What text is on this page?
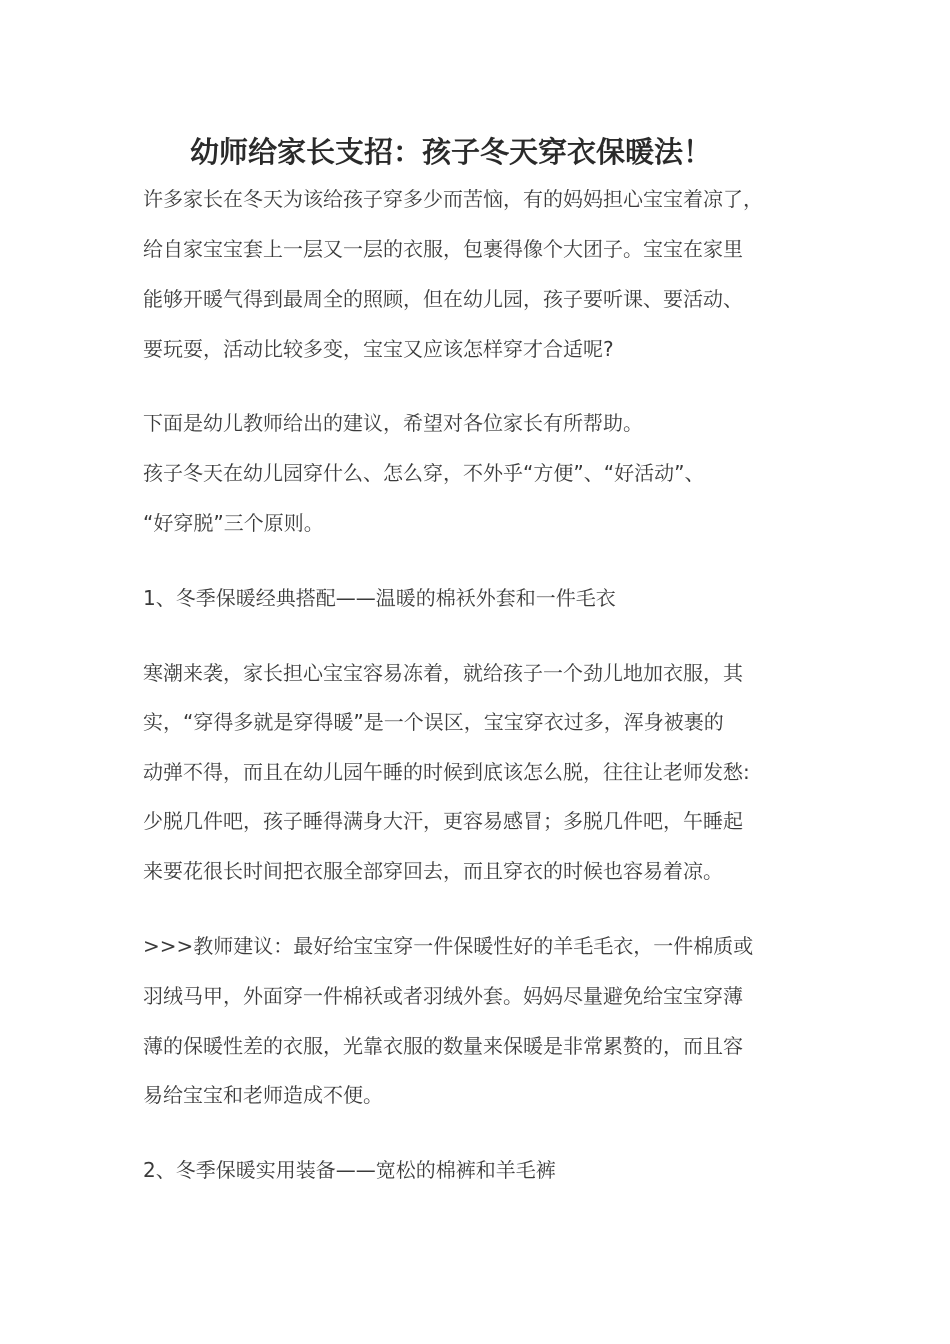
幼师给家长支招：孩子冬天穿衣保暖法！
许多家长在冬天为该给孩子穿多少而苦恼，有的妈妈担心宝宝着凉了，
给自家宝宝套上一层又一层的衣服，包裹得像个大团子。宝宝在家里
能够开暖气得到最周全的照顾，但在幼儿园，孩子要听课、要活动、
要玩耍，活动比较多变，宝宝又应该怎样穿才合适呢?
下面是幼儿教师给出的建议，希望对各位家长有所帮助。
孩子冬天在幼儿园穿什么、怎么穿，不外乎“方便”、“好活动”、
“好穿脱”三个原则。
1、冬季保暖经典搭配——温暖的棉袄外套和一件毛衣
寒潮来袭，家长担心宝宝容易冻着，就给孩子一个劲儿地加衣服，其
实，“穿得多就是穿得暖”是一个误区，宝宝穿衣过多，浑身被裹的
动弹不得，而且在幼儿园午睡的时候到底该怎么脱，往往让老师发愁:
少脱几件吧，孩子睡得满身大汗，更容易感冒；多脱几件吧，午睡起
来要花很长时间把衣服全部穿回去，而且穿衣的时候也容易着凉。
>>>教师建议：最好给宝宝穿一件保暖性好的羊毛毛衣，一件棉质或
羽绒马甲，外面穿一件棉袄或者羽绒外套。妈妈尽量避免给宝宝穿薄
薄的保暖性差的衣服，光靠衣服的数量来保暖是非常累赘的，而且容
易给宝宝和老师造成不便。
2、冬季保暖实用装备——宽松的棉裤和羊毛裤
